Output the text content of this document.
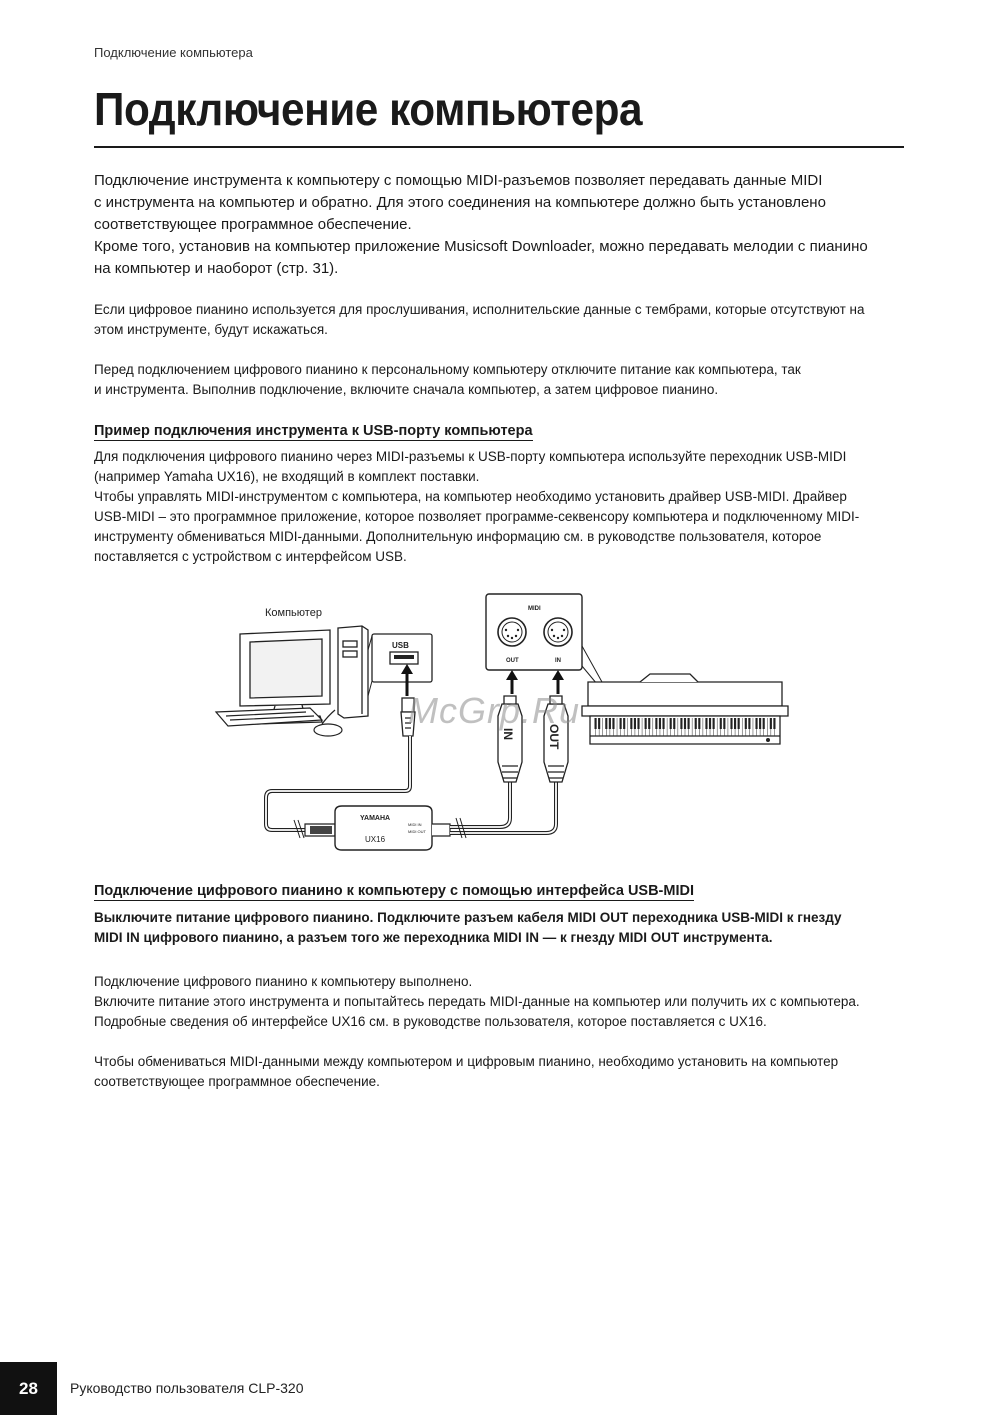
Подключение компьютера
Подключение компьютера

Подключение инструмента к компьютеру с помощью MIDI-разъемов позволяет передавать данные MIDI

с инструмента на компьютер и обратно. Для этого соединения на компьютере должно быть установлено

соответствующее программное обеспечение.

Кроме того, установив на компьютер приложение Musicsoft Downloader, можно передавать мелодии с пианино

на компьютер и наоборот (стр. 31).

Если цифровое пианино используется для прослушивания, исполнительские данные с тембрами, которые отсутствуют на

этом инструменте, будут искажаться.

Перед подключением цифрового пианино к персональному компьютеру отключите питание как компьютера, так

и инструмента. Выполнив подключение, включите сначала компьютер, а затем цифровое пианино.

Пример подключения инструмента к USB-порту компьютера

Для подключения цифрового пианино через MIDI-разъемы к USB-порту компьютера используйте переходник USB-MIDI

(например Yamaha UX16), не входящий в комплект поставки.

Чтобы управлять MIDI-инструментом с компьютера, на компьютер необходимо установить драйвер USB-MIDI. Драйвер

USB-MIDI – это программное приложение, которое позволяет программе-секвенсору компьютера и подключенному MIDI-

инструменту обмениваться MIDI-данными. Дополнительную информацию см. в руководстве пользователя, которое

поставляется с устройством с интерфейсом USB.

Компьютер
USB
YAMAHA
UX16
MIDI IN
MIDI OUT
IN	OUT
MIDI
OUT	IN
McGrp.Ru
Подключение цифрового пианино к компьютеру с помощью интерфейса USB-MIDI

Выключите питание цифрового пианино. Подключите разъем кабеля MIDI OUT переходника USB-MIDI к гнезду

MIDI IN цифрового пианино, а разъем того же переходника MIDI IN — к гнезду MIDI OUT инструмента.

Подключение цифрового пианино к компьютеру выполнено.

Включите питание этого инструмента и попытайтесь передать MIDI-данные на компьютер или получить их с компьютера.

Подробные сведения об интерфейсе UX16 см. в руководстве пользователя, которое поставляется с UX16.

Чтобы обмениваться MIDI-данными между компьютером и цифровым пианино, необходимо установить на компьютер

соответствующее программное обеспечение.

28	Руководство пользователя CLP-320
